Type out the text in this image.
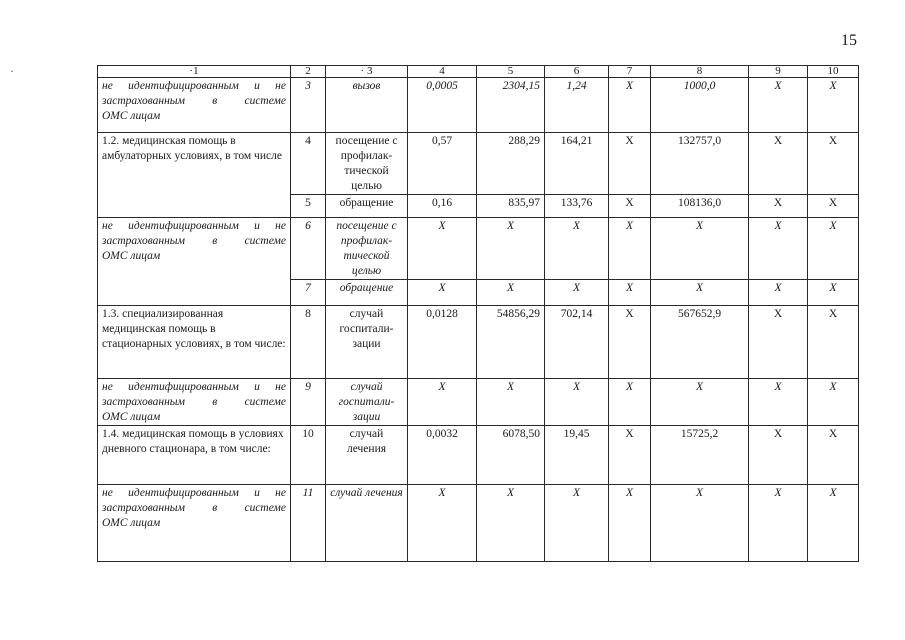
15
·	·1	2	· 3	4	5	6	7	8	9	10

не идентифицированным и не
застрахованным в системе
ОМС лицам	3	вызов	0,0005	2304,15	1,24	Х	1000,0	Х	Х
1.2. медицинская помощь в амбулаторных условиях, в том числе	4	посещение с профилак-тической целью	0,57	288,29	164,21	Х	132757,0	Х	Х
	5	обращение	0,16	835,97	133,76	Х	108136,0	Х	Х

не идентифицированным и не
застрахованным в системе
ОМС лицам	6	посещение с профилак-тической целью	Х	Х	Х	Х	Х	Х	Х
	7	обращение	Х	Х	Х	Х	Х	Х	Х
1.3. специализированная медицинская помощь в стационарных условиях, в том числе:	8	случай госпитали-зации	0,0128	54856,29	702,14	Х	567652,9	Х	Х

не идентифицированным и не
застрахованным в системе
ОМС лицам	9	случай госпитали-зации	Х	Х	Х	Х	Х	Х	Х
1.4. медицинская помощь в условиях дневного стационара, в том числе:	10	случай лечения	0,0032	6078,50	19,45	Х	15725,2	Х	Х

не идентифицированным и не
застрахованным в системе
ОМС лицам	11	случай лечения	Х	Х	Х	Х	Х	Х	Х
